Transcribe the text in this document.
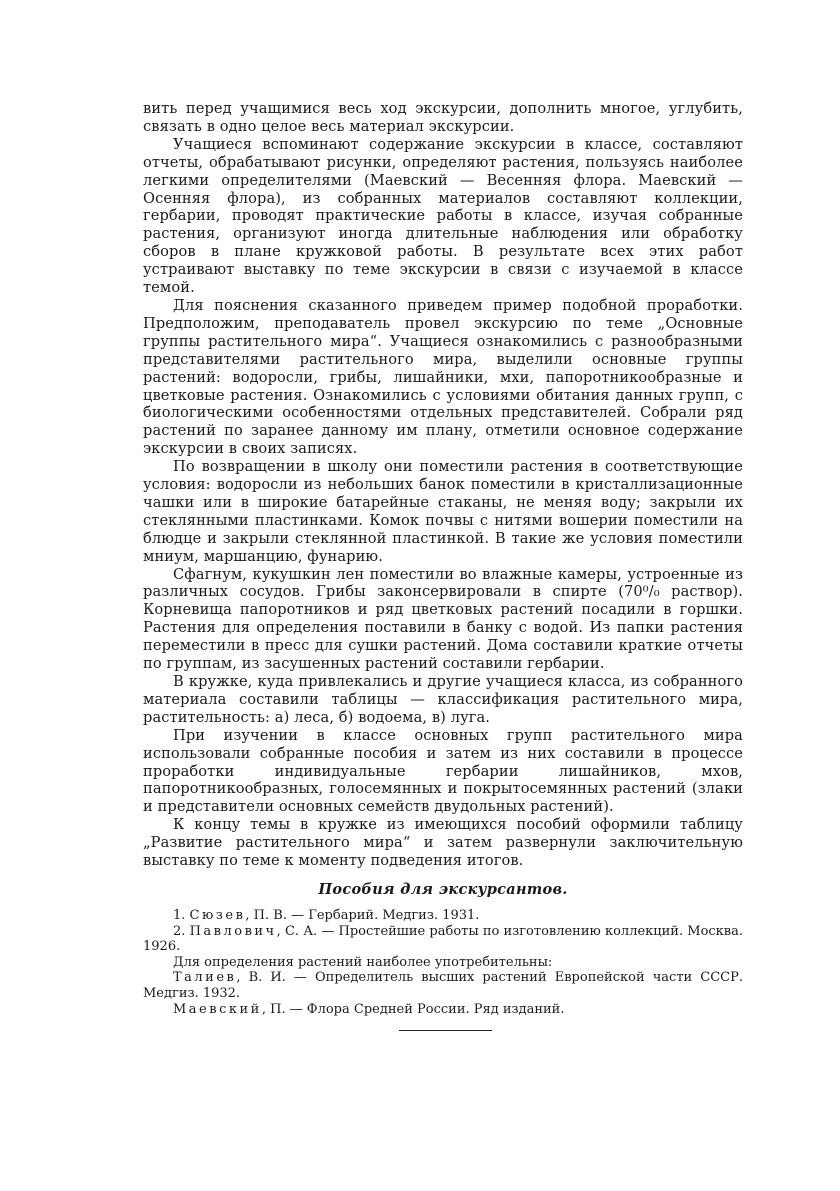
вить перед учащимися весь ход экскурсии, дополнить многое, углубить, связать в одно целое весь материал экскурсии.

Учащиеся вспоминают содержание экскурсии в классе, составляют отчеты, обрабатывают рисунки, определяют растения, пользуясь наиболее легкими определителями (Маевский — Весенняя флора. Маевский — Осенняя флора), из собранных материалов составляют коллекции, гербарии, проводят практические работы в классе, изучая собранные растения, организуют иногда длительные наблюдения или обработку сборов в плане кружковой работы. В результате всех этих работ устраивают выставку по теме экскурсии в связи с изучаемой в классе темой.

Для пояснения сказанного приведем пример подобной проработки. Предположим, преподаватель провел экскурсию по теме „Основные группы растительного мира“. Учащиеся ознакомились с разнообразными представителями растительного мира, выделили основные группы растений: водоросли, грибы, лишайники, мхи, папоротникообразные и цветковые растения. Ознакомились с условиями обитания данных групп, с биологическими особенностями отдельных представителей. Собрали ряд растений по заранее данному им плану, отметили основное содержание экскурсии в своих записях.

По возвращении в школу они поместили растения в соответствующие условия: водоросли из небольших банок поместили в кристаллизационные чашки или в широкие батарейные стаканы, не меняя воду; закрыли их стеклянными пластинками. Комок почвы с нитями вошерии поместили на блюдце и закрыли стеклянной пластинкой. В такие же условия поместили мниум, маршанцию, фунарию.

Сфагнум, кукушкин лен поместили во влажные камеры, устроенные из различных сосудов. Грибы законсервировали в спирте (70⁰/₀ раствор). Корневища папоротников и ряд цветковых растений посадили в горшки. Растения для определения поставили в банку с водой. Из папки растения переместили в пресс для сушки растений. Дома составили краткие отчеты по группам, из засушенных растений составили гербарии.

В кружке, куда привлекались и другие учащиеся класса, из собранного материала составили таблицы — классификация растительного мира, растительность: а) леса, б) водоема, в) луга.

При изучении в классе основных групп растительного мира использовали собранные пособия и затем из них составили в процессе проработки индивидуальные гербарии лишайников, мхов, папоротникообразных, голосемянных и покрытосемянных растений (злаки и представители основных семейств двудольных растений).

К концу темы в кружке из имеющихся пособий оформили таблицу „Развитие растительного мира“ и затем развернули заключительную выставку по теме к моменту подведения итогов.

Пособия для экскурсантов.

1. Сюзев, П. В. — Гербарий. Медгиз. 1931.

2. Павлович, С. А. — Простейшие работы по изготовлению коллекций. Москва. 1926.

Для определения растений наиболее употребительны:

Талиев, В. И. — Определитель высших растений Европейской части СССР. Медгиз. 1932.

Маевский, П. — Флора Средней России. Ряд изданий.
